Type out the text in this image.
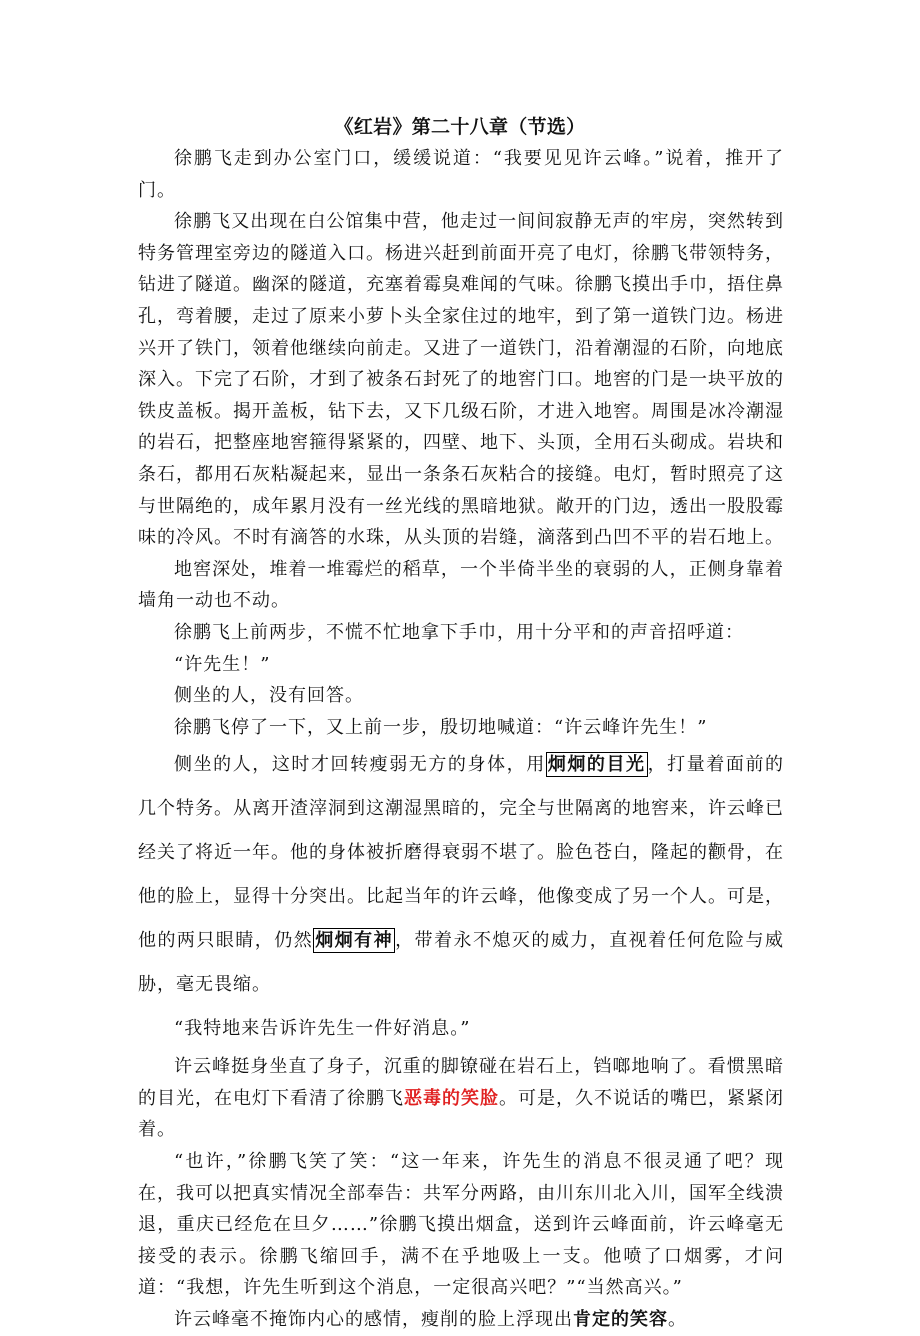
《红岩》第二十八章（节选）

徐鹏飞走到办公室门口，缓缓说道：“我要见见许云峰。”说着，推开了门。

徐鹏飞又出现在白公馆集中营，他走过一间间寂静无声的牢房，突然转到特务管理室旁边的隧道入口。杨进兴赶到前面开亮了电灯，徐鹏飞带领特务，钻进了隧道。幽深的隧道，充塞着霉臭难闻的气味。徐鹏飞摸出手巾，捂住鼻孔，弯着腰，走过了原来小萝卜头全家住过的地牢，到了第一道铁门边。杨进兴开了铁门，领着他继续向前走。又进了一道铁门，沿着潮湿的石阶，向地底深入。下完了石阶，才到了被条石封死了的地窖门口。地窖的门是一块平放的铁皮盖板。揭开盖板，钻下去，又下几级石阶，才进入地窖。周围是冰冷潮湿的岩石，把整座地窖箍得紧紧的，四壁、地下、头顶，全用石头砌成。岩块和条石，都用石灰粘凝起来，显出一条条石灰粘合的接缝。电灯，暂时照亮了这与世隔绝的，成年累月没有一丝光线的黑暗地狱。敞开的门边，透出一股股霉味的冷风。不时有滴答的水珠，从头顶的岩缝，滴落到凸凹不平的岩石地上。

地窖深处，堆着一堆霉烂的稻草，一个半倚半坐的衰弱的人，正侧身靠着墙角一动也不动。

徐鹏飞上前两步，不慌不忙地拿下手巾，用十分平和的声音招呼道：

“许先生！”

侧坐的人，没有回答。

徐鹏飞停了一下，又上前一步，殷切地喊道：“许云峰许先生！”

侧坐的人，这时才回转瘦弱无方的身体，用 炯炯的目光 ，打量着面前的几个特务。从离开渣滓洞到这潮湿黑暗的，完全与世隔离的地窖来，许云峰已经关了将近一年。他的身体被折磨得衰弱不堪了。脸色苍白，隆起的颧骨，在他的脸上，显得十分突出。比起当年的许云峰，他像变成了另一个人。可是，他的两只眼睛，仍然 炯炯有神 ，带着永不熄灭的威力，直视着任何危险与威胁，毫无畏缩。

“我特地来告诉许先生一件好消息。”

许云峰挺身坐直了身子，沉重的脚镣碰在岩石上，铛啷地响了。看惯黑暗的目光，在电灯下看清了徐鹏飞恶毒的笑脸。可是，久不说话的嘴巴，紧紧闭着。

“也许，”徐鹏飞笑了笑：“这一年来，许先生的消息不很灵通了吧？现在，我可以把真实情况全部奉告：共军分两路，由川东川北入川，国军全线溃退，重庆已经危在旦夕……”徐鹏飞摸出烟盒，送到许云峰面前，许云峰毫无接受的表示。徐鹏飞缩回手，满不在乎地吸上一支。他喷了口烟雾，才问道：“我想，许先生听到这个消息，一定很高兴吧？”“当然高兴。”

许云峰毫不掩饰内心的感情，瘦削的脸上浮现出肯定的笑容。
